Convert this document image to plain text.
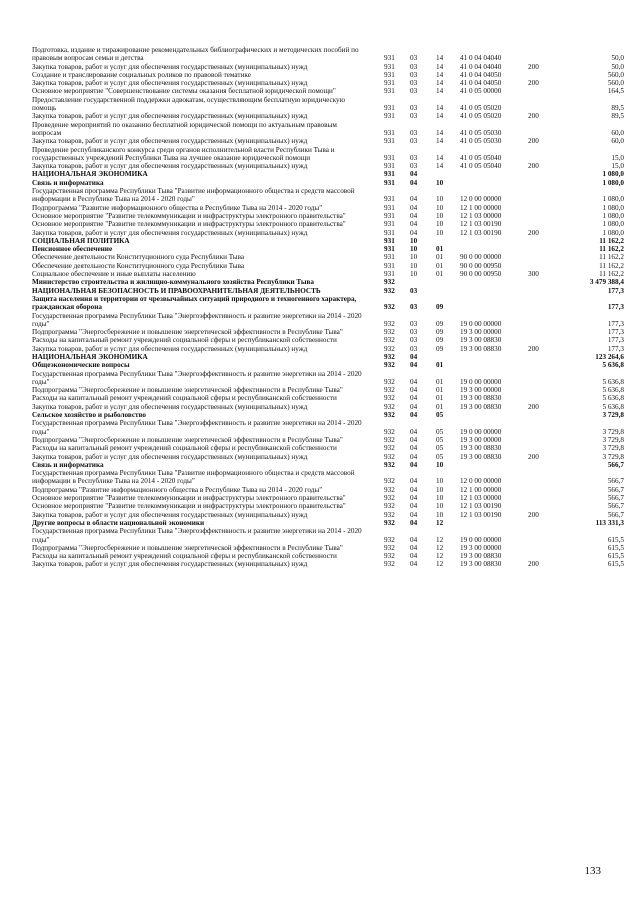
Подготовка, издание и тиражирование рекомендательных библиографических и методических пособий по правовым вопросам семьи и детства	931 03	14 41 0 04 04040	50,0
Закупка товаров, работ и услуг для обеспечения государственных (муниципальных) нужд	931 03	14 41 0 04 04040	200	50,0
Создание и транслирование социальных роликов по правовой тематике	931 03	14 41 0 04 04050	560,0
Закупка товаров, работ и услуг для обеспечения государственных (муниципальных) нужд	931 03	14 41 0 04 04050	200	560,0
Основное мероприятие "Совершенствование системы оказания бесплатной юридической помощи"	931 03	14 41 0 05 00000	164,5
Предоставление государственной поддержки адвокатам, осуществляющим бесплатную юридическую помощь	931 03	14 41 0 05 05020	89,5
Закупка товаров, работ и услуг для обеспечения государственных (муниципальных) нужд	931 03	14 41 0 05 05020	200	89,5
Проведение мероприятий по оказанию бесплатной юридической помощи по актуальным правовым вопросам	931 03	14 41 0 05 05030	60,0
Закупка товаров, работ и услуг для обеспечения государственных (муниципальных) нужд	931 03	14 41 0 05 05030	200	60,0
Проведение республиканского конкурса среди органов исполнительной власти Республики Тыва и государственных учреждений Республики Тыва на лучшее оказание юридической помощи	931 03	14 41 0 05 05040	15,0
Закупка товаров, работ и услуг для обеспечения государственных (муниципальных) нужд	931 03	14 41 0 05 05040	200	15,0
НАЦИОНАЛЬНАЯ ЭКОНОМИКА	931 04	1 080,0
Связь и информатика	931 04	10	1 080,0
Государственная программа Республики Тыва "Развитие информационного общества и средств массовой информации в Республике Тыва на 2014 - 2020 годы"	931 04	10 12 0 00 00000	1 080,0
Подпрограмма "Развитие информационного общества в Республике Тыва на 2014 - 2020 годы"	931 04	10 12 1 00 00000	1 080,0
Основное мероприятие "Развитие телекоммуникации и инфраструктуры электронного правительства"	931 04	10 12 1 03 00000	1 080,0
Основное мероприятие "Развитие телекоммуникации и инфраструктуры электронного правительства"	931 04	10 12 1 03 00190	1 080,0
Закупка товаров, работ и услуг для обеспечения государственных (муниципальных) нужд	931 04	10 12 1 03 00190	200	1 080,0
СОЦИАЛЬНАЯ ПОЛИТИКА	931 10	11 162,2
Пенсионное обеспечение	931 10	01	11 162,2
Обеспечение деятельности Конституционного суда Республики Тыва	931 10	01 90 0 00 00000	11 162,2
Обеспечение деятельности Конституционного суда Республики Тыва	931 10	01 90 0 00 00950	11 162,2
Социальное обеспечение и иные выплаты населению	931 10	01 90 0 00 00950	300	11 162,2
Министерство строительства и жилищно-коммунального хозяйства Республики Тыва	932	3 479 388,4
НАЦИОНАЛЬНАЯ БЕЗОПАСНОСТЬ И ПРАВООХРАНИТЕЛЬНАЯ ДЕЯТЕЛЬНОСТЬ	932 03	177,3
Защита населения и территории от чрезвычайных ситуаций природного и техногенного характера, гражданская оборона	932 03	09	177,3
Государственная программа Республики Тыва "Энергоэффективность и развитие энергетики на 2014 - 2020 годы"	932 03	09 19 0 00 00000	177,3
Подпрограмма "Энергосбережение и повышение энергетической эффективности в Республике Тыва"	932 03	09 19 3 00 00000	177,3
Расходы на капитальный ремонт учреждений социальной сферы и республиканской собственности	932 03	09 19 3 00 08830	177,3
Закупка товаров, работ и услуг для обеспечения государственных (муниципальных) нужд	932 03	09 19 3 00 08830	200	177,3
НАЦИОНАЛЬНАЯ ЭКОНОМИКА	932 04	123 264,6
Общеэкономические вопросы	932 04	01	5 636,8
Государственная программа Республики Тыва "Энергоэффективность и развитие энергетики на 2014 - 2020 годы"	932 04	01 19 0 00 00000	5 636,8
Подпрограмма "Энергосбережение и повышение энергетической эффективности в Республике Тыва"	932 04	01 19 3 00 00000	5 636,8
Расходы на капитальный ремонт учреждений социальной сферы и республиканской собственности	932 04	01 19 3 00 08830	5 636,8
Закупка товаров, работ и услуг для обеспечения государственных (муниципальных) нужд	932 04	01 19 3 00 08830	200	5 636,8
Сельское хозяйство и рыболовство	932 04	05	3 729,8
Государственная программа Республики Тыва "Энергоэффективность и развитие энергетики на 2014 - 2020 годы"	932 04	05 19 0 00 00000	3 729,8
Подпрограмма "Энергосбережение и повышение энергетической эффективности в Республике Тыва"	932 04	05 19 3 00 00000	3 729,8
Расходы на капитальный ремонт учреждений социальной сферы и республиканской собственности	932 04	05 19 3 00 08830	3 729,8
Закупка товаров, работ и услуг для обеспечения государственных (муниципальных) нужд	932 04	05 19 3 00 08830	200	3 729,8
Связь и информатика	932 04	10	566,7
Государственная программа Республики Тыва "Развитие информационного общества и средств массовой информации в Республике Тыва на 2014 - 2020 годы"	932 04	10 12 0 00 00000	566,7
Подпрограмма "Развитие информационного общества в Республике Тыва на 2014 - 2020 годы"	932 04	10 12 1 00 00000	566,7
Основное мероприятие "Развитие телекоммуникации и инфраструктуры электронного правительства"	932 04	10 12 1 03 00000	566,7
Основное мероприятие "Развитие телекоммуникации и инфраструктуры электронного правительства"	932 04	10 12 1 03 00190	566,7
Закупка товаров, работ и услуг для обеспечения государственных (муниципальных) нужд	932 04	10 12 1 03 00190	200	566,7
Другие вопросы в области национальной экономики	932 04	12	113 331,3
Государственная программа Республики Тыва "Энергоэффективность и развитие энергетики на 2014 - 2020 годы"	932 04	12 19 0 00 00000	615,5
Подпрограмма "Энергосбережение и повышение энергетической эффективности в Республике Тыва"	932 04	12 19 3 00 00000	615,5
Расходы на капитальный ремонт учреждений социальной сферы и республиканской собственности	932 04	12 19 3 00 08830	615,5
Закупка товаров, работ и услуг для обеспечения государственных (муниципальных) нужд	932 04	12 19 3 00 08830	200	615,5
133
